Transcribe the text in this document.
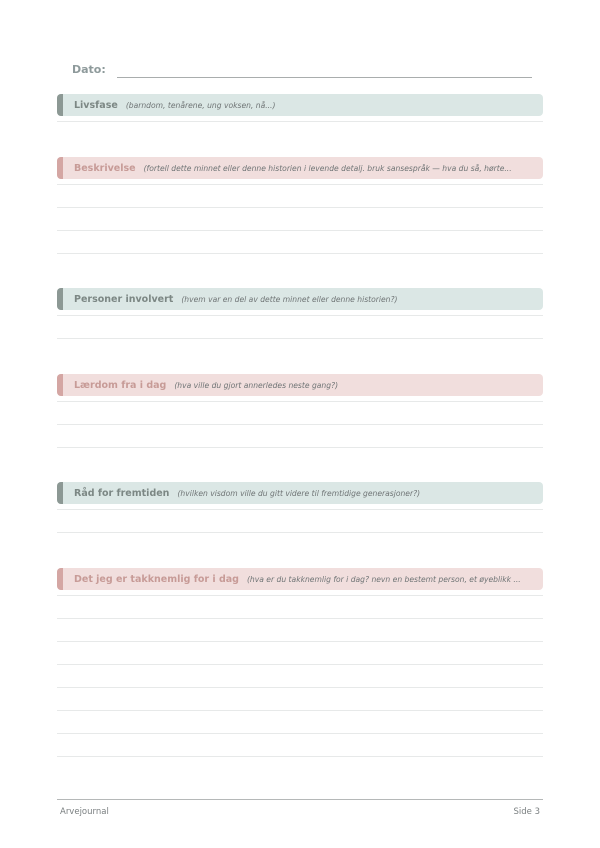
Dato:
Livsfase (barndom, tenårene, ung voksen, nå...)
Beskrivelse (fortell dette minnet eller denne historien i levende detalj. bruk sansespråk — hva du så, hørte...
Personer involvert (hvem var en del av dette minnet eller denne historien?)
Lærdom fra i dag (hva ville du gjort annerledes neste gang?)
Råd for fremtiden (hvilken visdom ville du gitt videre til fremtidige generasjoner?)
Det jeg er takknemlig for i dag (hva er du takknemlig for i dag? nevn en bestemt person, et øyeblikk ...
Arvejournal	Side 3
